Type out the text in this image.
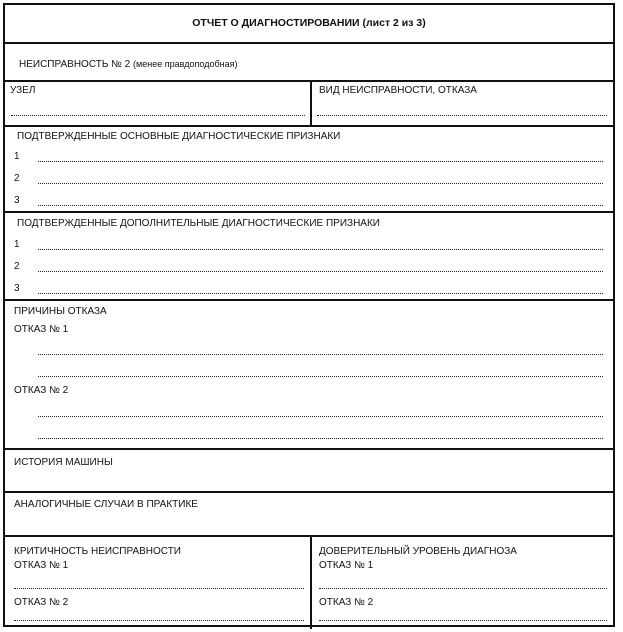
ОТЧЕТ О ДИАГНОСТИРОВАНИИ (лист 2 из 3)
НЕИСПРАВНОСТЬ № 2 (менее правдоподобная)
УЗЕЛ	ВИД НЕИСПРАВНОСТИ, ОТКАЗА
ПОДТВЕРЖДЕННЫЕ ОСНОВНЫЕ ДИАГНОСТИЧЕСКИЕ ПРИЗНАКИ
1
2
3
ПОДТВЕРЖДЕННЫЕ ДОПОЛНИТЕЛЬНЫЕ ДИАГНОСТИЧЕСКИЕ ПРИЗНАКИ
1
2
3
ПРИЧИНЫ ОТКАЗА
ОТКАЗ № 1
ОТКАЗ № 2
ИСТОРИЯ МАШИНЫ
АНАЛОГИЧНЫЕ СЛУЧАИ В ПРАКТИКЕ
КРИТИЧНОСТЬ НЕИСПРАВНОСТИ
ОТКАЗ № 1
ОТКАЗ № 2
ДОВЕРИТЕЛЬНЫЙ УРОВЕНЬ ДИАГНОЗА
ОТКАЗ № 1
ОТКАЗ № 2
